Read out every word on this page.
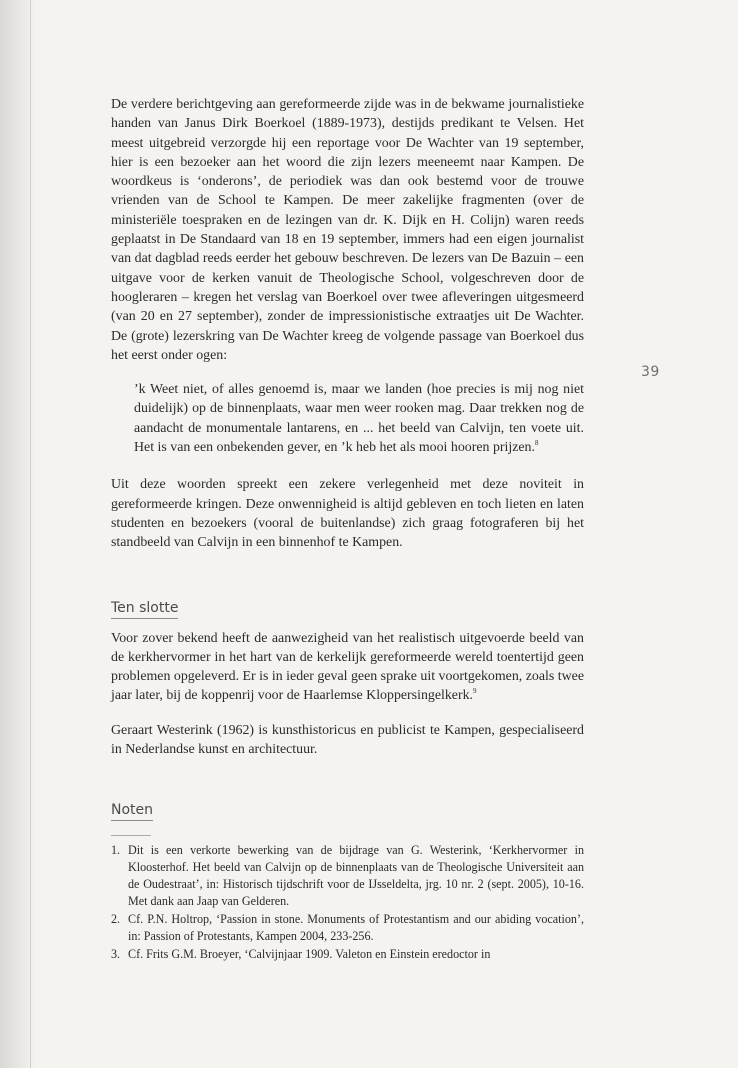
39

De verdere berichtgeving aan gereformeerde zijde was in de bekwame journalistieke handen van Janus Dirk Boerkoel (1889-1973), destijds predikant te Velsen. Het meest uitgebreid verzorgde hij een reportage voor De Wachter van 19 september, hier is een bezoeker aan het woord die zijn lezers meeneemt naar Kampen. De woordkeus is ‘onderons’, de periodiek was dan ook bestemd voor de trouwe vrienden van de School te Kampen. De meer zakelijke fragmenten (over de ministeriële toespraken en de lezingen van dr. K. Dijk en H. Colijn) waren reeds geplaatst in De Standaard van 18 en 19 september, immers had een eigen journalist van dat dagblad reeds eerder het gebouw beschreven. De lezers van De Bazuin – een uitgave voor de kerken vanuit de Theologische School, volgeschreven door de hoogleraren – kregen het verslag van Boerkoel over twee afleveringen uitgesmeerd (van 20 en 27 september), zonder de impressionistische extraatjes uit De Wachter. De (grote) lezerskring van De Wachter kreeg de volgende passage van Boerkoel dus het eerst onder ogen:

’k Weet niet, of alles genoemd is, maar we landen (hoe precies is mij nog niet duidelijk) op de binnenplaats, waar men weer rooken mag. Daar trekken nog de aandacht de monumentale lantarens, en ... het beeld van Calvijn, ten voete uit. Het is van een onbekenden gever, en ’k heb het als mooi hooren prijzen.$^8$

Uit deze woorden spreekt een zekere verlegenheid met deze noviteit in gereformeerde kringen. Deze onwennigheid is altijd gebleven en toch lieten en laten studenten en bezoekers (vooral de buitenlandse) zich graag fotograferen bij het standbeeld van Calvijn in een binnenhof te Kampen.

Ten slotte

Voor zover bekend heeft de aanwezigheid van het realistisch uitgevoerde beeld van de kerkhervormer in het hart van de kerkelijk gereformeerde wereld toentertijd geen problemen opgeleverd. Er is in ieder geval geen sprake uit voortgekomen, zoals twee jaar later, bij de koppenrij voor de Haarlemse Kloppersingelkerk.$^9$

Geraart Westerink (1962) is kunsthistoricus en publicist te Kampen, gespecialiseerd in Nederlandse kunst en architectuur.

Noten
1. Dit is een verkorte bewerking van de bijdrage van G. Westerink, ‘Kerkhervormer in Kloosterhof. Het beeld van Calvijn op de binnenplaats van de Theologische Universiteit aan de Oudestraat’, in: Historisch tijdschrift voor de IJsseldelta, jrg. 10 nr. 2 (sept. 2005), 10-16. Met dank aan Jaap van Gelderen.
2. Cf. P.N. Holtrop, ‘Passion in stone. Monuments of Protestantism and our abiding vocation’, in: Passion of Protestants, Kampen 2004, 233-256.
3. Cf. Frits G.M. Broeyer, ‘Calvijnjaar 1909. Valeton en Einstein eredoctor in
